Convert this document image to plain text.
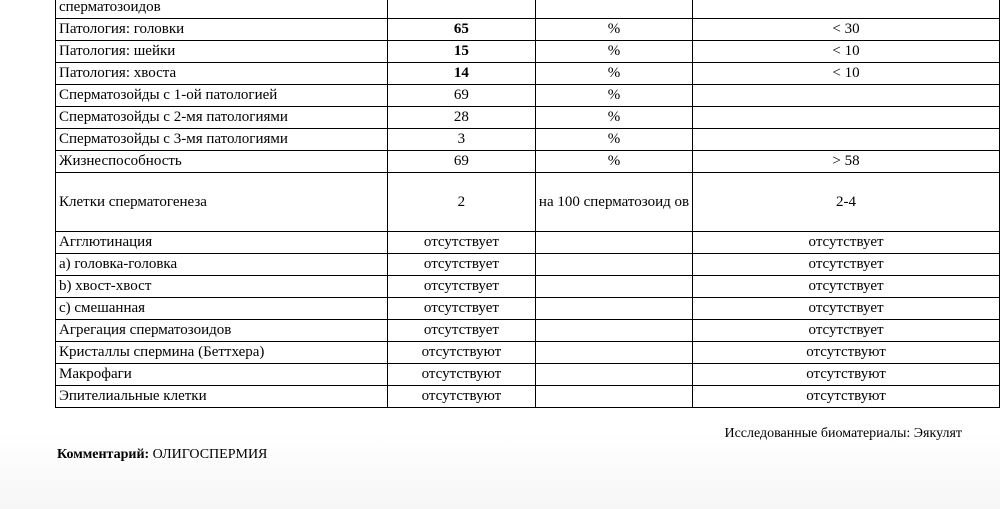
сперматозоидов			
Патология: головки	65	%	< 30
Патология: шейки	15	%	< 10
Патология: хвоста	14	%	< 10
Сперматозойды с 1-ой патологией	69	%	
Сперматозойды с 2-мя патологиями	28	%	
Сперматозойды с 3-мя патологиями	3	%	
Жизнеспособность	69	%	> 58
Клетки сперматогенеза	2	на 100 сперматозоид ов	2-4
Агглютинация	отсутствует		отсутствует
а) головка-головка	отсутствует		отсутствует
b) хвост-хвост	отсутствует		отсутствует
c) смешанная	отсутствует		отсутствует
Агрегация сперматозоидов	отсутствует		отсутствует
Кристаллы спермина (Беттхера)	отсутствуют		отсутствуют
Макрофаги	отсутствуют		отсутствуют
Эпителиальные клетки	отсутствуют		отсутствуют
Исследованные биоматериалы: Эякулят
Комментарий: ОЛИГОСПЕРМИЯ
